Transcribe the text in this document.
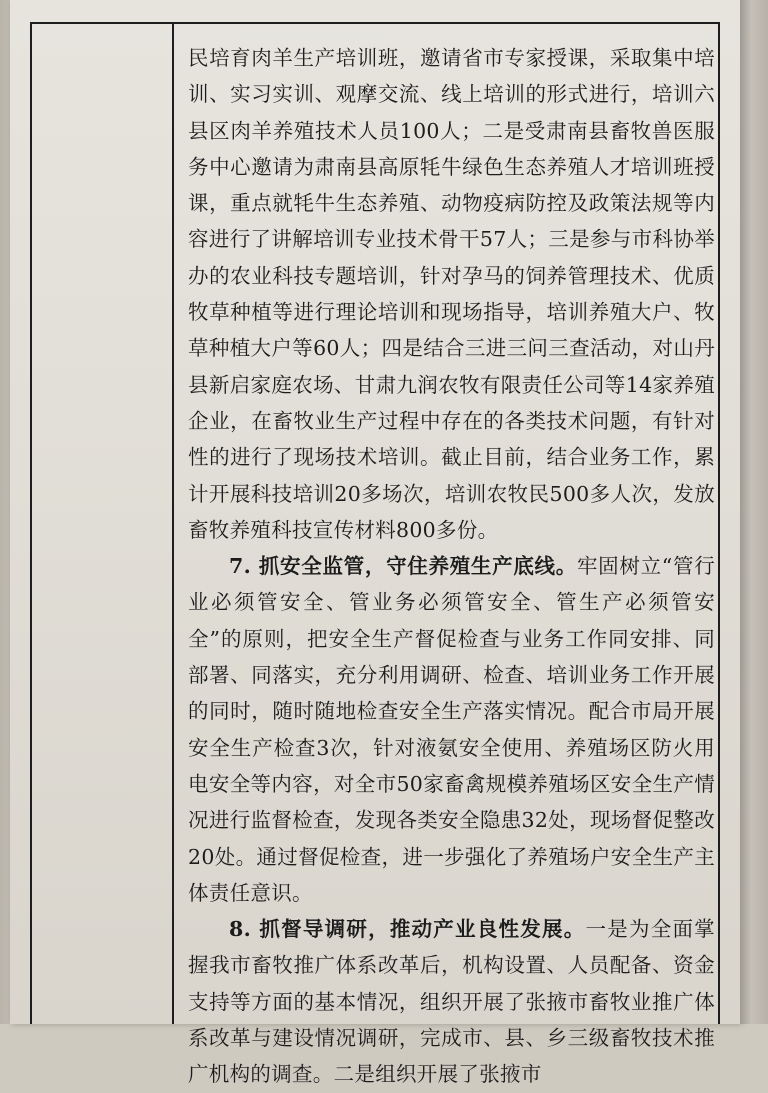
民培育肉羊生产培训班，邀请省市专家授课，采取集中培训、实习实训、观摩交流、线上培训的形式进行，培训六县区肉羊养殖技术人员100人；二是受肃南县畜牧兽医服务中心邀请为肃南县高原牦牛绿色生态养殖人才培训班授课，重点就牦牛生态养殖、动物疫病防控及政策法规等内容进行了讲解培训专业技术骨干57人；三是参与市科协举办的农业科技专题培训，针对孕马的饲养管理技术、优质牧草种植等进行理论培训和现场指导，培训养殖大户、牧草种植大户等60人；四是结合三进三问三查活动，对山丹县新启家庭农场、甘肃九润农牧有限责任公司等14家养殖企业，在畜牧业生产过程中存在的各类技术问题，有针对性的进行了现场技术培训。截止目前，结合业务工作，累计开展科技培训20多场次，培训农牧民500多人次，发放畜牧养殖科技宣传材料800多份。

7. 抓安全监管，守住养殖生产底线。牢固树立“管行业必须管安全、管业务必须管安全、管生产必须管安全”的原则，把安全生产督促检查与业务工作同安排、同部署、同落实，充分利用调研、检查、培训业务工作开展的同时，随时随地检查安全生产落实情况。配合市局开展安全生产检查3次，针对液氨安全使用、养殖场区防火用电安全等内容，对全市50家畜禽规模养殖场区安全生产情况进行监督检查，发现各类安全隐患32处，现场督促整改20处。通过督促检查，进一步强化了养殖场户安全生产主体责任意识。

8. 抓督导调研，推动产业良性发展。一是为全面掌握我市畜牧推广体系改革后，机构设置、人员配备、资金支持等方面的基本情况，组织开展了张掖市畜牧业推广体系改革与建设情况调研，完成市、县、乡三级畜牧技术推广机构的调查。二是组织开展了张掖市
